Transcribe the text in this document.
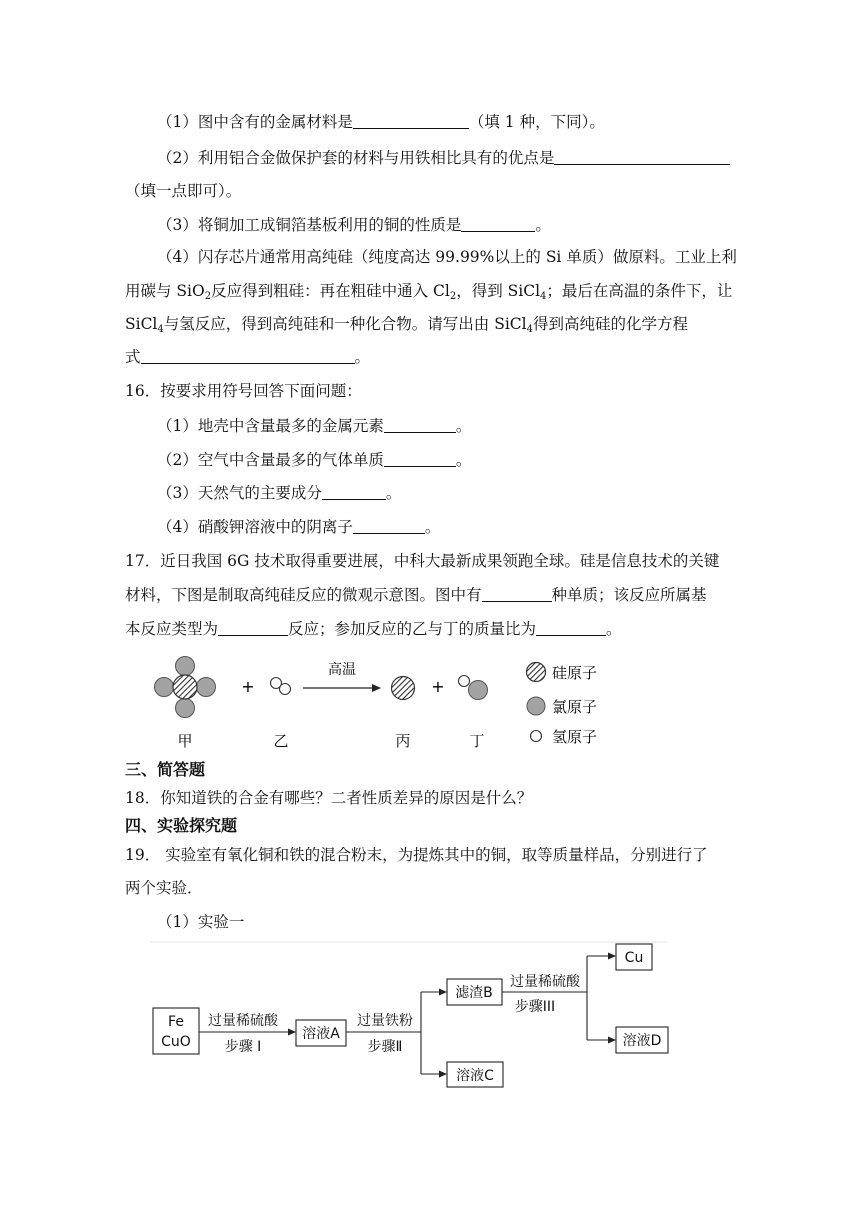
（1）图中含有的金属材料是	（填 1 种，下同）。
（2）利用铝合金做保护套的材料与用铁相比具有的优点是
（填一点即可）。
（3）将铜加工成铜箔基板利用的铜的性质是	。
（4）闪存芯片通常用高纯硅（纯度高达 99.99%以上的 Si 单质）做原料。工业上利
用碳与 SiO$_2$反应得到粗硅：再在粗硅中通入 $Cl_2$，得到 SiCl$_4$；最后在高温的条件下，让
SiCl$_4$与氢反应，得到高纯硅和一种化合物。请写出由 SiCl$_4$得到高纯硅的化学方程
式	。
16．按要求用符号回答下面问题：
（1）地壳中含量最多的金属元素	。
（2）空气中含量最多的气体单质	。
（3）天然气的主要成分	。
（4）硝酸钾溶液中的阴离子	。
17．近日我国 6G 技术取得重要进展，中科大最新成果领跑全球。硅是信息技术的关键
材料，下图是制取高纯硅反应的微观示意图。图中有	种单质；该反应所属基
本反应类型为	反应；参加反应的乙与丁的质量比为	。
+
高温
+
甲	乙	丙	丁
硅原子
氯原子
氢原子
三、简答题
18．你知道铁的合金有哪些？二者性质差异的原因是什么？
四、实验探究题
19． 实验室有氧化铜和铁的混合粉末，为提炼其中的铜，取等质量样品，分别进行了
两个实验．
（1）实验一
Fe
CuO
过量稀硫酸
步骤 I
溶液A
过量铁粉
步骤Ⅱ
滤渣B
溶液C
过量稀硫酸
步骤III
Cu
溶液D
